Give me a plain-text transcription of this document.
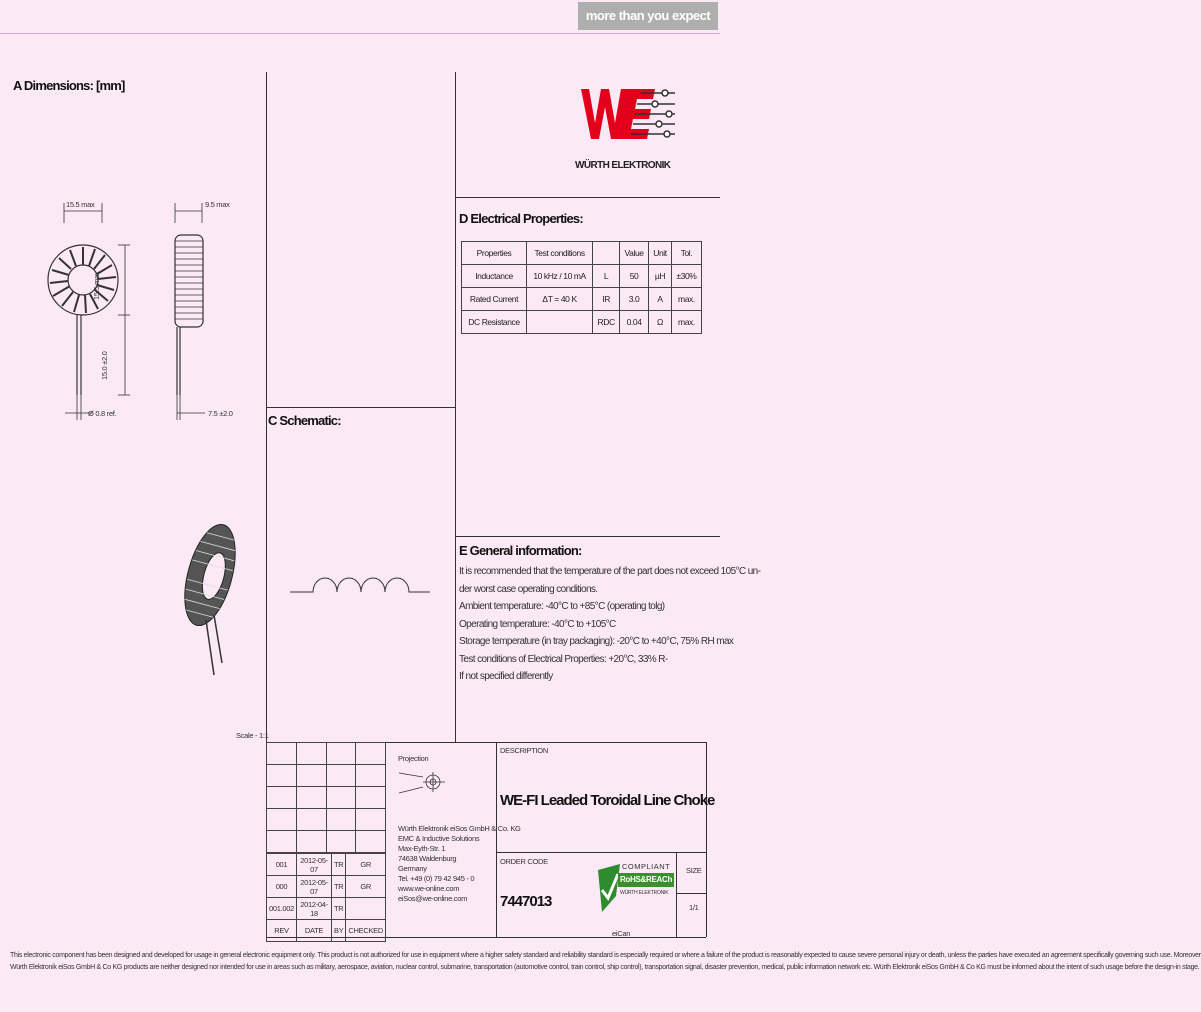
more than you expect
WÜRTH ELEKTRONIK
A Dimensions: [mm]
C Schematic:
D Electrical Properties:
E General information:
15.5 max	9.5 max
15.5 max
15.0 ±2.0
Ø 0.8 ref.	7.5 ±2.0
Scale - 1:1
Properties	Test conditions		Value	Unit	Tol.
Inductance	10 kHz / 10 mA	L	50	µH	±30%
Rated Current	ΔT = 40 K	IR	3.0	A	max.
DC Resistance		RDC	0.04	Ω	max.
It is recommended that the temperature of the part does not exceed 105°C un-
der worst case operating conditions.
Ambient temperature: -40°C to +85°C (operating tolg)
Operating temperature: -40°C to +105°C
Storage temperature (in tray packaging): -20°C to +40°C, 75% RH max
Test conditions of Electrical Properties: +20°C, 33% R-
If not specified differently

001	2012-05-07	TR	GR
000	2012-05-07	TR	GR
001.002	2012-04-18	TR	
REV	DATE	BY	CHECKED
Projection
Würth Elektronik eiSos GmbH & Co. KG
EMC & Inductive Solutions
Max-Eyth-Str. 1
74638 Waldenburg
Germany
Tel. +49 (0) 79 42 945 - 0
www.we-online.com
eiSos@we-online.com
DESCRIPTION
WE-FI Leaded Toroidal Line Choke
ORDER CODE
7447013
COMPLIANT
RoHS&REACh
WÜRTH ELEKTRONIK
SIZE
1/1
eiCan
This electronic component has been designed and developed for usage in general electronic equipment only. This product is not authorized for use in equipment where a higher safety standard and reliability standard is especially required or where a failure of the product is reasonably expected to cause severe personal injury or death, unless the parties have executed an agreement specifically governing such use. Moreover
Würth Elektronik eiSos GmbH & Co KG products are neither designed nor intended for use in areas such as military, aerospace, aviation, nuclear control, submarine, transportation (automotive control, train control, ship control), transportation signal, disaster prevention, medical, public information network etc. Würth Elektronik eiSos GmbH & Co KG must be informed about the intent of such usage before the design-in stage.
